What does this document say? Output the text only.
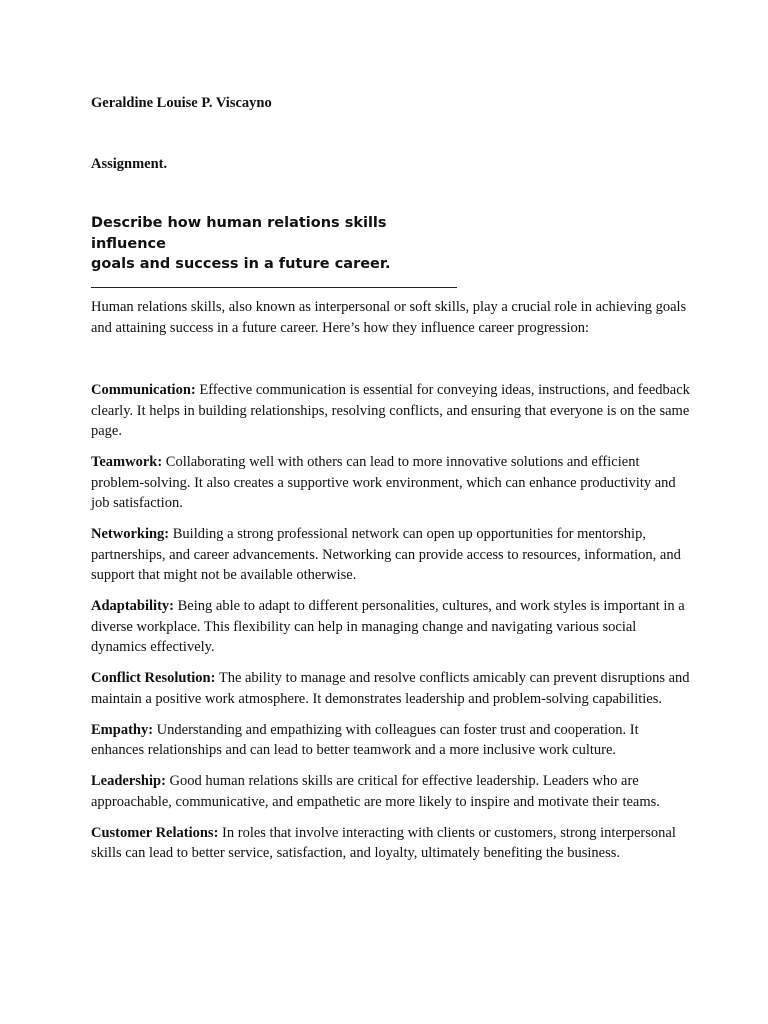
Geraldine Louise P. Viscayno

Assignment.

Describe how human relations skills influence
goals and success in a future career.

Human relations skills, also known as interpersonal or soft skills, play a crucial role in achieving goals and attaining success in a future career. Here’s how they influence career progression:

Communication: Effective communication is essential for conveying ideas, instructions, and feedback clearly. It helps in building relationships, resolving conflicts, and ensuring that everyone is on the same page.

Teamwork: Collaborating well with others can lead to more innovative solutions and efficient problem-solving. It also creates a supportive work environment, which can enhance productivity and job satisfaction.

Networking: Building a strong professional network can open up opportunities for mentorship, partnerships, and career advancements. Networking can provide access to resources, information, and support that might not be available otherwise.

Adaptability: Being able to adapt to different personalities, cultures, and work styles is important in a diverse workplace. This flexibility can help in managing change and navigating various social dynamics effectively.

Conflict Resolution: The ability to manage and resolve conflicts amicably can prevent disruptions and maintain a positive work atmosphere. It demonstrates leadership and problem-solving capabilities.

Empathy: Understanding and empathizing with colleagues can foster trust and cooperation. It enhances relationships and can lead to better teamwork and a more inclusive work culture.

Leadership: Good human relations skills are critical for effective leadership. Leaders who are approachable, communicative, and empathetic are more likely to inspire and motivate their teams.

Customer Relations: In roles that involve interacting with clients or customers, strong interpersonal skills can lead to better service, satisfaction, and loyalty, ultimately benefiting the business.
